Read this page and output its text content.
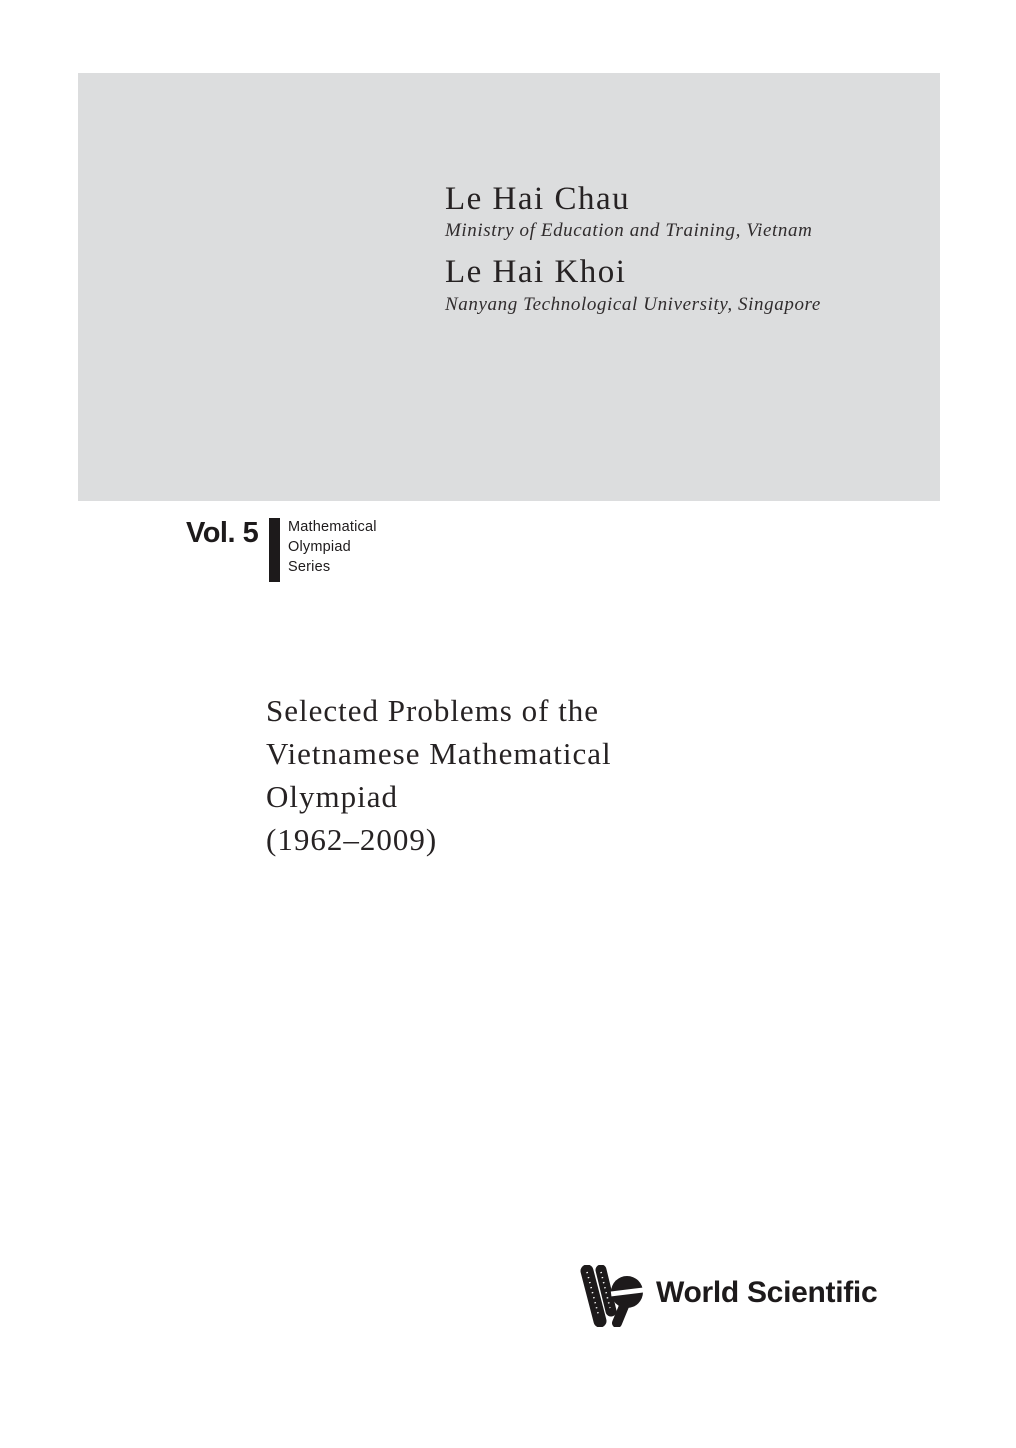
Le Hai Chau

Ministry of Education and Training, Vietnam

Le Hai Khoi

Nanyang Technological University, Singapore

Vol. 5 Mathematical
Olympiad
Series
Selected Problems of the
Vietnamese Mathematical
Olympiad
(1962–2009)
World Scientific
